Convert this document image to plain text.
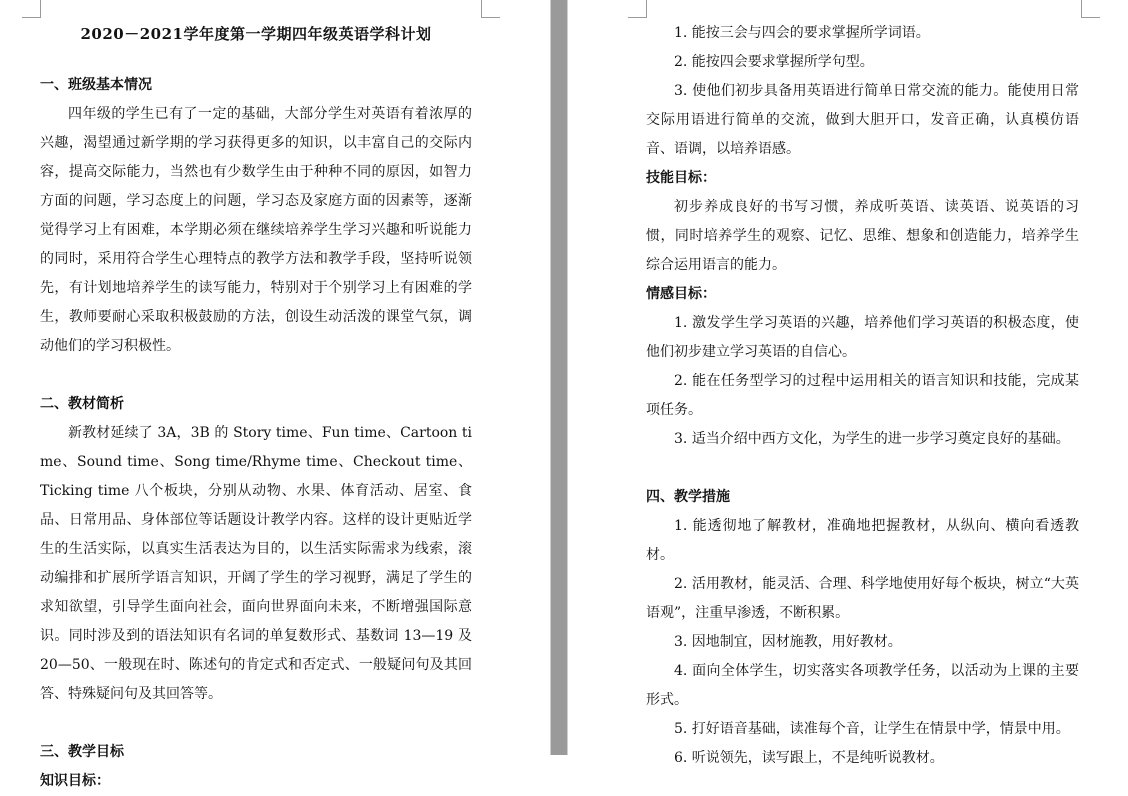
2020－2021学年度第一学期四年级英语学科计划
一、班级基本情况
四年级的学生已有了一定的基础，大部分学生对英语有着浓厚的兴趣，渴望通过新学期的学习获得更多的知识，以丰富自己的交际内容，提高交际能力，当然也有少数学生由于种种不同的原因，如智力方面的问题，学习态度上的问题，学习态及家庭方面的因素等，逐渐觉得学习上有困难，本学期必须在继续培养学生学习兴趣和听说能力的同时，采用符合学生心理特点的教学方法和教学手段，坚持听说领先，有计划地培养学生的读写能力，特别对于个别学习上有困难的学生，教师要耐心采取积极鼓励的方法，创设生动活泼的课堂气氛，调动他们的学习积极性。
二、教材简析
新教材延续了 3A，3B 的 Story time、Fun time、Cartoon time、Sound time、Song time/Rhyme time、Checkout time、Ticking time 八个板块，分别从动物、水果、体育活动、居室、食品、日常用品、身体部位等话题设计教学内容。这样的设计更贴近学生的生活实际，以真实生活表达为目的，以生活实际需求为线索，滚动编排和扩展所学语言知识，开阔了学生的学习视野，满足了学生的求知欲望，引导学生面向社会，面向世界面向未来，不断增强国际意识。同时涉及到的语法知识有名词的单复数形式、基数词 13—19 及 20—50、一般现在时、陈述句的肯定式和否定式、一般疑问句及其回答、特殊疑问句及其回答等。
三、教学目标
知识目标：
1. 能按三会与四会的要求掌握所学词语。
2. 能按四会要求掌握所学句型。
3. 使他们初步具备用英语进行简单日常交流的能力。能使用日常交际用语进行简单的交流，做到大胆开口，发音正确，认真模仿语音、语调，以培养语感。
技能目标：
初步养成良好的书写习惯，养成听英语、读英语、说英语的习惯，同时培养学生的观察、记忆、思维、想象和创造能力，培养学生综合运用语言的能力。
情感目标：
1. 激发学生学习英语的兴趣，培养他们学习英语的积极态度，使他们初步建立学习英语的自信心。
2. 能在任务型学习的过程中运用相关的语言知识和技能，完成某项任务。
3. 适当介绍中西方文化，为学生的进一步学习奠定良好的基础。
四、教学措施
1. 能透彻地了解教材，准确地把握教材，从纵向、横向看透教材。
2. 活用教材，能灵活、合理、科学地使用好每个板块，树立“大英语观”，注重早渗透，不断积累。
3. 因地制宜，因材施教，用好教材。
4. 面向全体学生，切实落实各项教学任务，以活动为上课的主要形式。
5. 打好语音基础，读准每个音，让学生在情景中学，情景中用。
6. 听说领先，读写跟上，不是纯听说教材。
